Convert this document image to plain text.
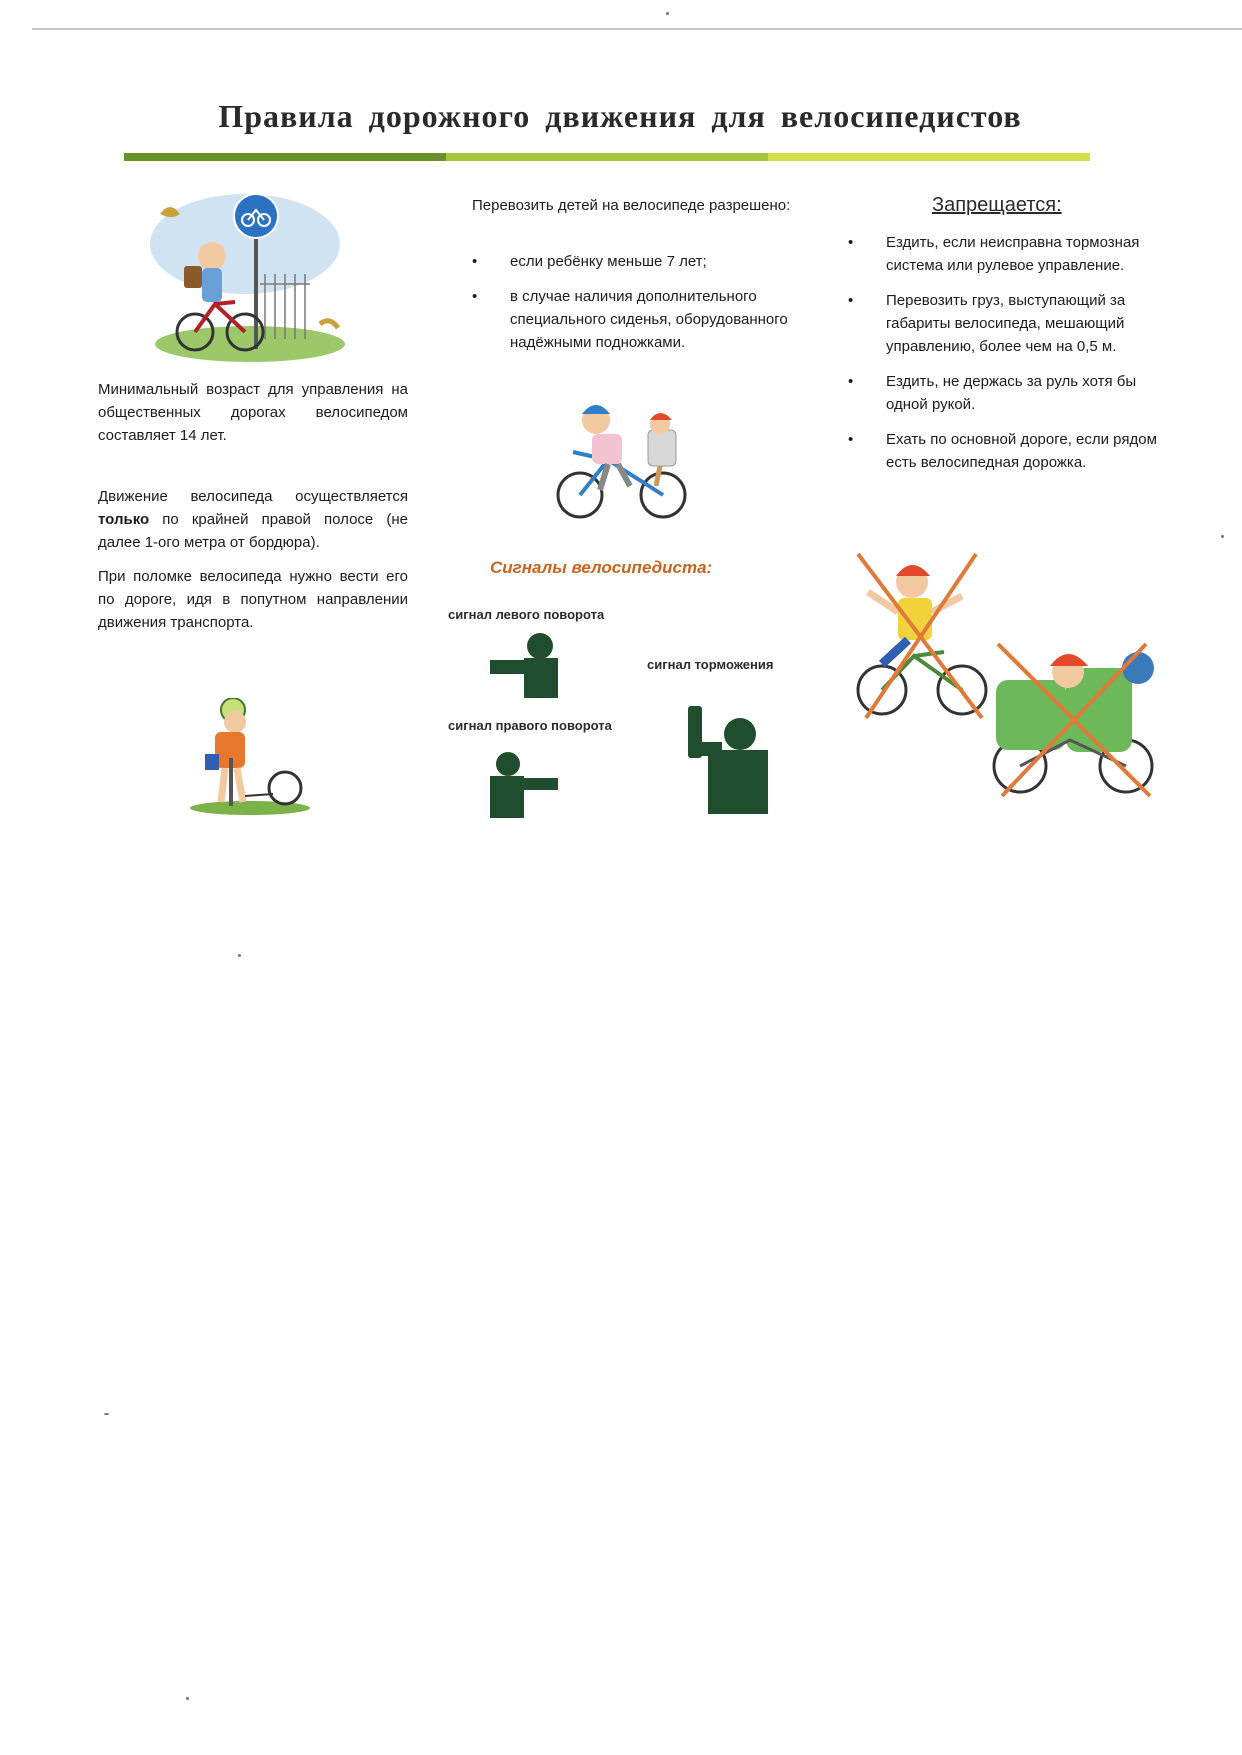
Правила дорожного движения для велосипедистов
Минимальный возраст для управления на общественных дорогах велосипедом составляет 14 лет.
Движение велосипеда осуществляется только по крайней правой полосе (не далее 1-ого метра от бордюра).
При поломке велосипеда нужно вести его по дороге, идя в попутном направлении движения транспорта.
Перевозить детей на велосипеде разрешено:
• если ребёнку меньше 7 лет;
• в случае наличия дополнительного специального сиденья, оборудованного надёжными подножками.
Сигналы велосипедиста:
сигнал левого поворота
сигнал торможения
сигнал правого поворота
Запрещается:
• Ездить, если неисправна тормозная система или рулевое управление.
• Перевозить груз, выступающий за габариты велосипеда, мешающий управлению, более чем на 0,5 м.
• Ездить, не держась за руль хотя бы одной рукой.
• Ехать по основной дороге, если рядом есть велосипедная дорожка.
